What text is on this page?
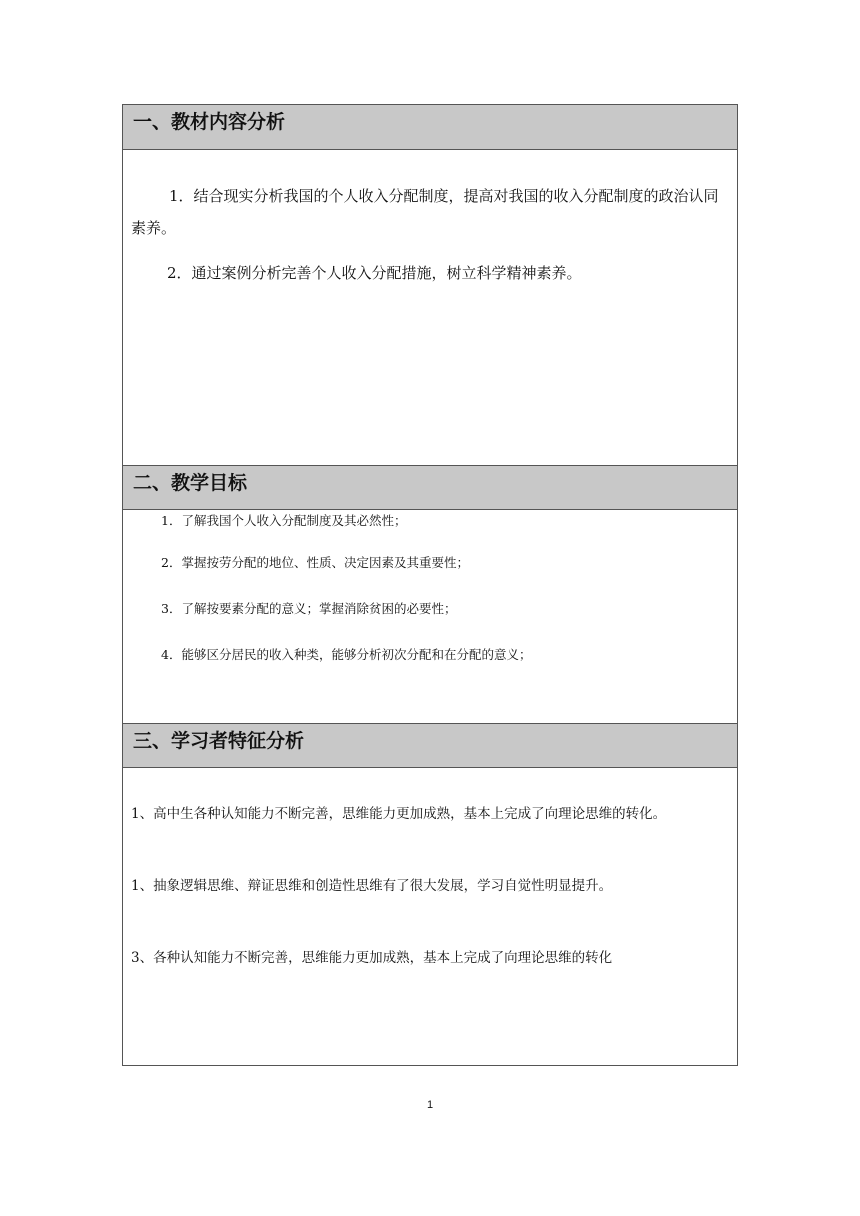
一、教材内容分析

1．结合现实分析我国的个人收入分配制度，提高对我国的收入分配制度的政治认同素养。

2．通过案例分析完善个人收入分配措施，树立科学精神素养。

二、教学目标

1．了解我国个人收入分配制度及其必然性；

2．掌握按劳分配的地位、性质、决定因素及其重要性；

3．了解按要素分配的意义；掌握消除贫困的必要性；

4．能够区分居民的收入种类，能够分析初次分配和在分配的意义；

三、学习者特征分析

1、高中生各种认知能力不断完善，思维能力更加成熟，基本上完成了向理论思维的转化。

1、抽象逻辑思维、辩证思维和创造性思维有了很大发展，学习自觉性明显提升。

3、各种认知能力不断完善，思维能力更加成熟，基本上完成了向理论思维的转化

1
